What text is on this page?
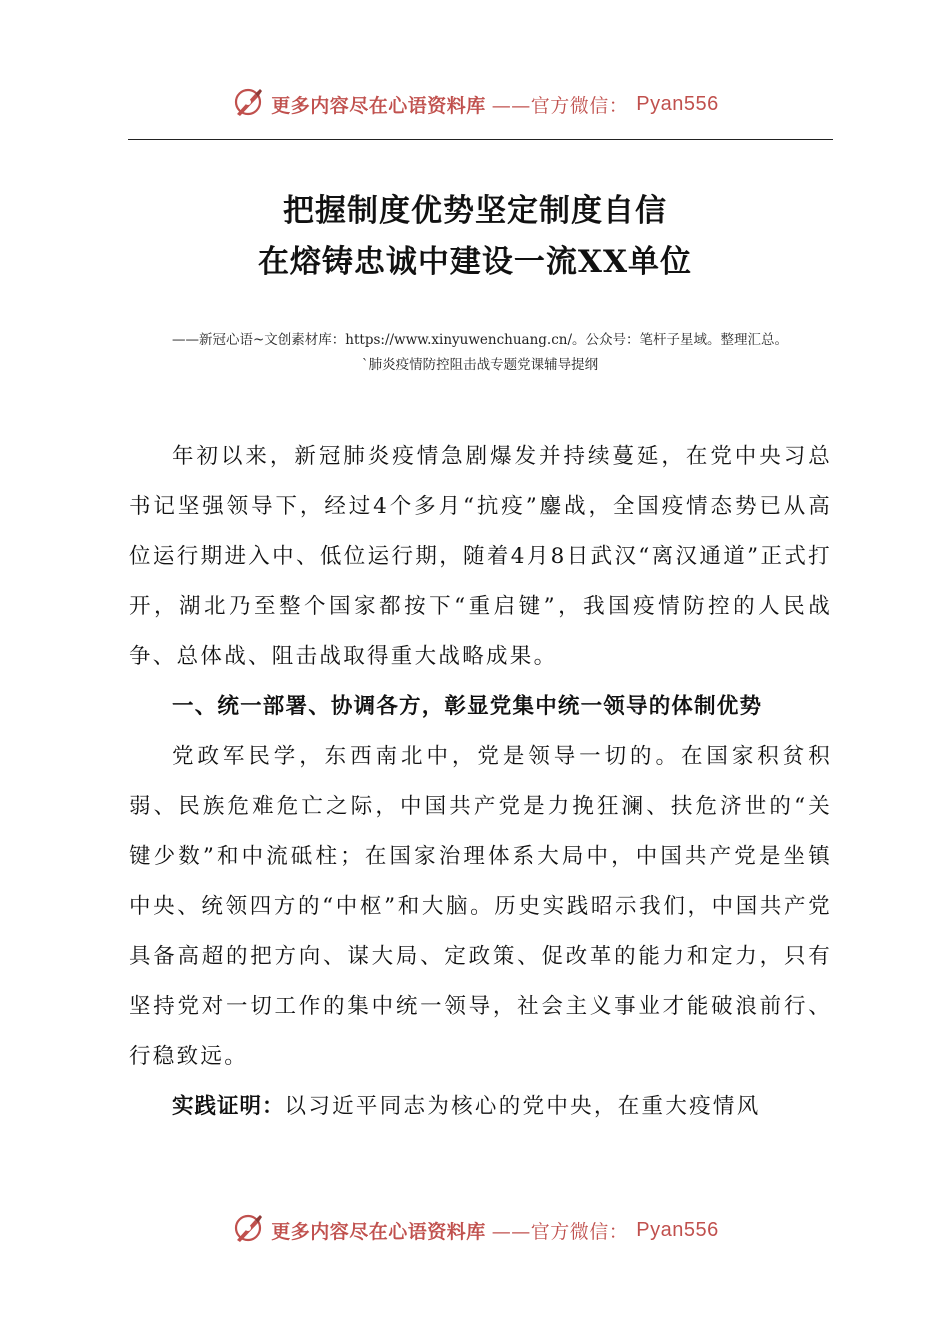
更多内容尽在心语资料库 ——官方微信： Pyan556
把握制度优势坚定制度自信
在熔铸忠诚中建设一流XX单位
——新冠心语~文创素材库：https://www.xinyuwenchuang.cn/。公众号：笔杆子星域。整理汇总。
`肺炎疫情防控阻击战专题党课辅导提纲

年初以来，新冠肺炎疫情急剧爆发并持续蔓延，在党中央习总书记坚强领导下，经过4个多月“抗疫”鏖战，全国疫情态势已从高位运行期进入中、低位运行期，随着4月8日武汉“离汉通道”正式打开，湖北乃至整个国家都按下“重启键”，我国疫情防控的人民战争、总体战、阻击战取得重大战略成果。

一、统一部署、协调各方，彰显党集中统一领导的体制优势

党政军民学，东西南北中，党是领导一切的。在国家积贫积弱、民族危难危亡之际，中国共产党是力挽狂澜、扶危济世的“关键少数”和中流砥柱；在国家治理体系大局中，中国共产党是坐镇中央、统领四方的“中枢”和大脑。历史实践昭示我们，中国共产党具备高超的把方向、谋大局、定政策、促改革的能力和定力，只有坚持党对一切工作的集中统一领导，社会主义事业才能破浪前行、行稳致远。

实践证明：以习近平同志为核心的党中央，在重大疫情风

更多内容尽在心语资料库 ——官方微信： Pyan556
